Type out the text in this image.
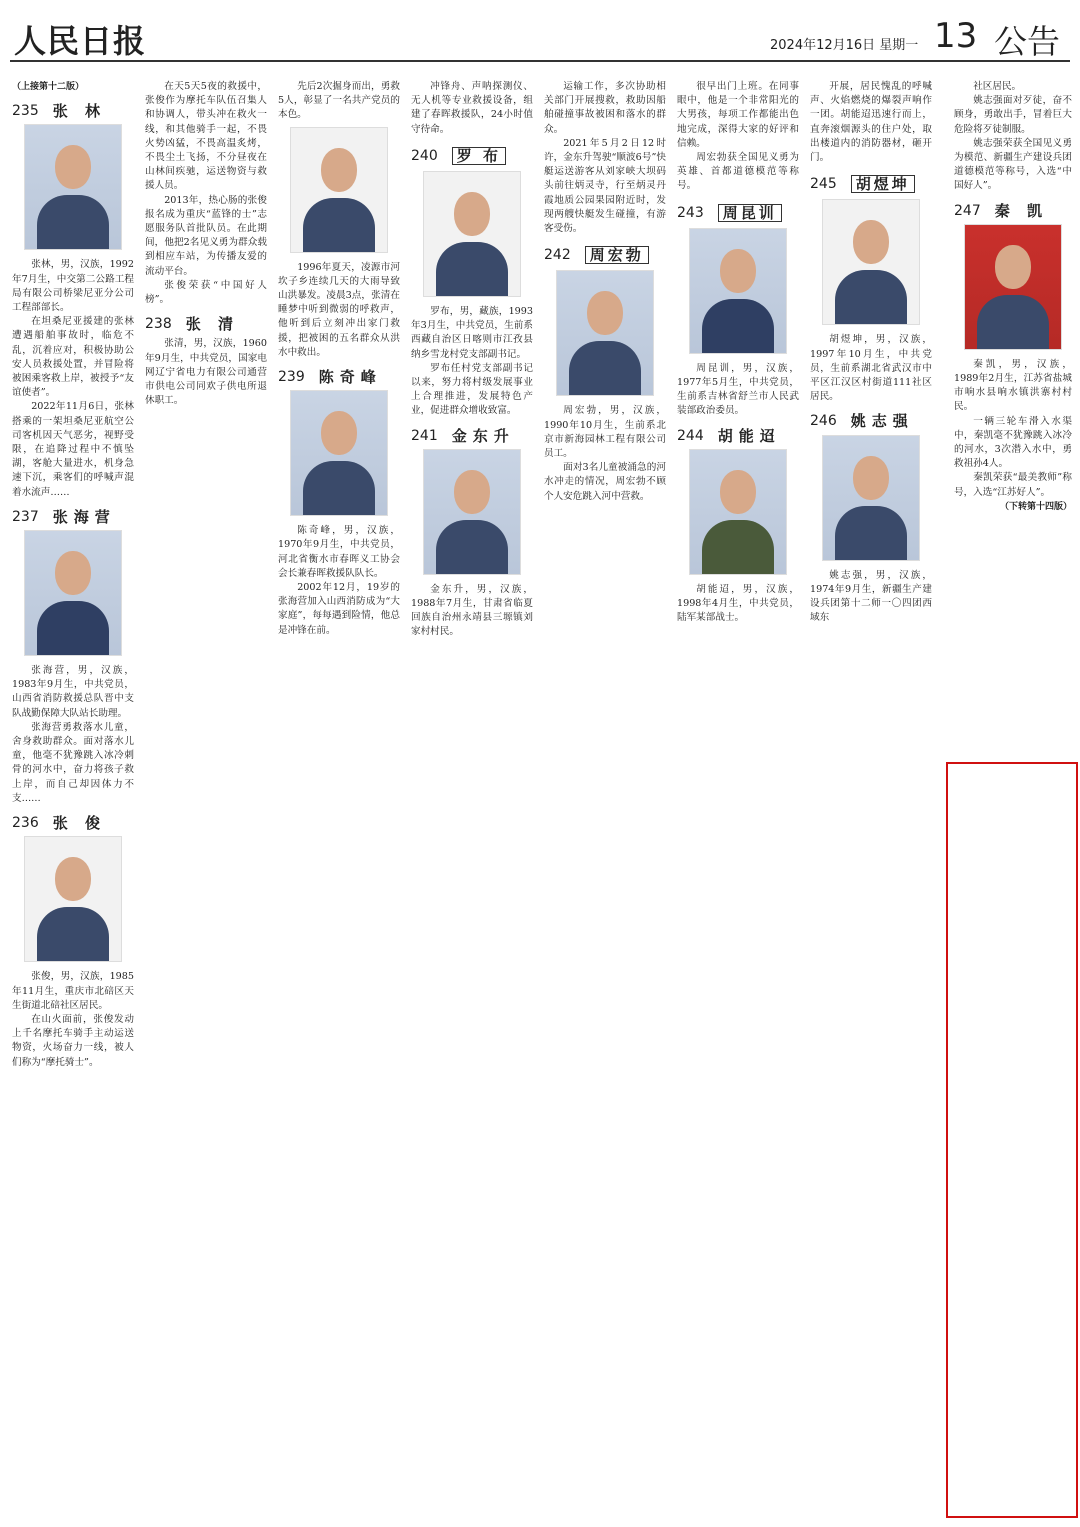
人民日报	2024年12月16日 星期一 13 公告

（上接第十二版）

235 张 林

张林，男，汉族，1992年7月生，中交第二公路工程局有限公司桥梁尼亚分公司工程部部长。

在坦桑尼亚援建的张林遭遇船舶事故时，临危不乱，沉着应对，积极协助公安人员救援处置，并冒险将被困乘客救上岸，被授予“友谊使者”。

2022年11月6日，张林搭乘的一架坦桑尼亚航空公司客机因天气恶劣，视野受限，在追降过程中不慎坠湖，客舱大量进水，机身急速下沉，乘客们的呼喊声混着水流声……

237 张海营

张海营，男，汉族，1983年9月生，中共党员，山西省消防救援总队晋中支队战勤保障大队站长助理。

张海营勇救落水儿童，舍身救助群众。面对落水儿童，他毫不犹豫跳入冰冷刺骨的河水中，奋力将孩子救上岸，而自己却因体力不支……

236 张 俊

张俊，男，汉族，1985年11月生，重庆市北碚区天生街道北碚社区居民。

在山火面前，张俊发动上千名摩托车骑手主动运送物资，火场奋力一线，被人们称为“摩托骑士”。

在天5天5夜的救援中，张俊作为摩托车队伍召集人和协调人，带头冲在救火一线，和其他骑手一起，不畏火势凶猛，不畏高温炙烤，不畏尘土飞扬，不分昼夜在山林间疾驰，运送物资与救援人员。

2013年，热心肠的张俊报名成为重庆“蓝锋的士”志愿服务队首批队员。在此期间，他把2名见义勇为群众载到相应车站，为传播友爱的流动平台。

张俊荣获“中国好人榜”。

238 张 清

张清，男，汉族，1960年9月生，中共党员，国家电网辽宁省电力有限公司通营市供电公司同欢子供电所退休职工。

先后2次掘身而出，勇救5人，彰显了一名共产党员的本色。

1996年夏天，凌源市河坎子乡连续几天的大雨导致山洪暴发。凌晨3点，张清在睡梦中听到微弱的呼救声，他听到后立刻冲出家门救援，把被困的五名群众从洪水中救出。

239 陈奇峰

陈奇峰，男，汉族，1970年9月生，中共党员，河北省衡水市春晖义工协会会长兼春晖救援队队长。

2002年12月，19岁的张海营加入山西消防成为“大家庭”，每每遇到险情，他总是冲锋在前。

冲锋舟、声呐探测仪、无人机等专业救援设备，组建了春晖救援队，24小时值守待命。

240	罗 布

罗布，男，藏族，1993年3月生，中共党员，生前系西藏自治区日喀则市江孜县纳乡雪龙村党支部副书记。

罗布任村党支部副书记以来，努力将村级发展事业上合理推进，发展特色产业，促进群众增收致富。

241 金东升

金东升，男，汉族，1988年7月生，甘肃省临夏回族自治州永靖县三塬镇刘家村村民。

运输工作，多次协助相关部门开展搜救，救助因船舶碰撞事故被困和落水的群众。

2021年5月2日12时许，金东升驾驶“顺波6号”快艇运送游客从刘家峡大坝码头前往炳灵寺，行至炳灵丹霞地质公园果园附近时，发现两艘快艇发生碰撞，有游客受伤。

242	周宏勃

周宏勃，男，汉族，1990年10月生，生前系北京市新海园林工程有限公司员工。

面对3名儿童被涌急的河水冲走的情况，周宏勃不顾个人安危跳入河中营救。

很早出门上班。在同事眼中，他是一个非常阳光的大男孩，每项工作都能出色地完成，深得大家的好评和信赖。

周宏勃获全国见义勇为英雄、首都道德模范等称号。

243	周昆训

周昆训，男，汉族，1977年5月生，中共党员，生前系吉林省舒兰市人民武装部政治委员。

244 胡能迢

胡能迢，男，汉族，1998年4月生，中共党员，陆军某部战士。

开展，居民愧乱的呼喊声、火焰燃烧的爆裂声响作一团。胡能迢迅速行而上，直奔滚烟源头的住户处，取出楼道内的消防器材，砸开门。

245	胡煜坤

胡煜坤，男，汉族，1997年10月生，中共党员，生前系湖北省武汉市中平区江汉区村街道111社区居民。

246 姚志强

姚志强，男，汉族，1974年9月生，新疆生产建设兵团第十二师一〇四团西域东

社区居民。

姚志强面对歹徒，奋不顾身，勇敢出手，冒着巨大危险将歹徒制服。

姚志强荣获全国见义勇为模范、新疆生产建设兵团道德模范等称号，入选“中国好人”。

247 秦 凯

秦凯，男，汉族，1989年2月生，江苏省盐城市响水县响水镇洪寨村村民。

一辆三轮车滑入水渠中，秦凯毫不犹豫跳入冰冷的河水，3次潜入水中，勇救祖孙4人。

秦凯荣获“最美教师”称号，入选“江苏好人”。

（下转第十四版）
